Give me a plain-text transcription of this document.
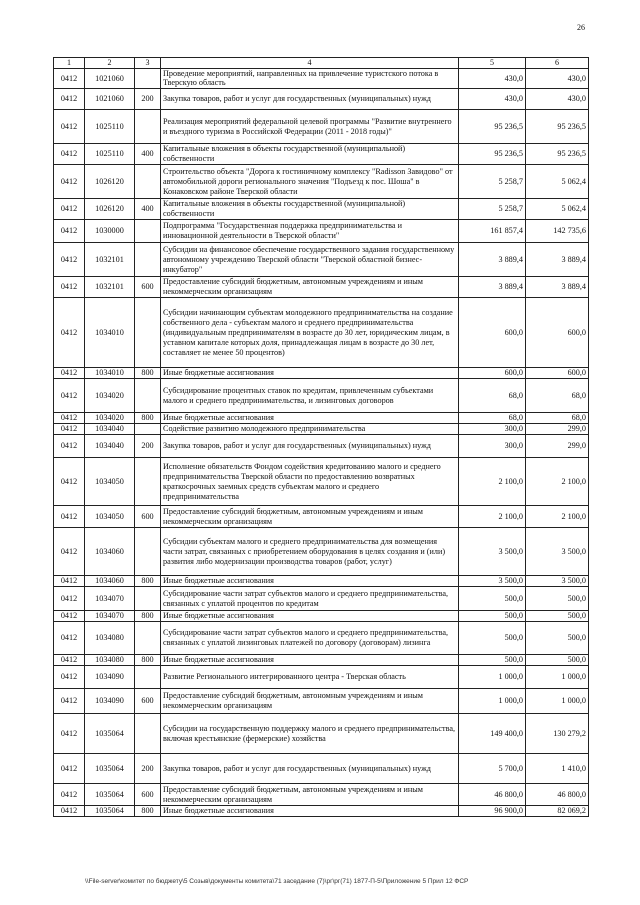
26
1	2	3	4	5	6
0412	1021060		Проведение мероприятий, направленных на привлечение туристского потока в Тверскую область	430,0	430,0
0412	1021060	200	Закупка товаров, работ и услуг для государственных (муниципальных) нужд	430,0	430,0
0412	1025110		Реализация мероприятий федеральной целевой программы "Развитие внутреннего и въездного туризма в Российской Федерации (2011 - 2018 годы)"	95 236,5	95 236,5
0412	1025110	400	Капитальные вложения в объекты государственной (муниципальной) собственности	95 236,5	95 236,5
0412	1026120		Строительство объекта "Дорога к гостиничному комплексу "Radisson Завидово" от автомобильной дороги регионального значения "Подъезд к пос. Шоша" в Конаковском районе Тверской области	5 258,7	5 062,4
0412	1026120	400	Капитальные вложения в объекты государственной (муниципальной) собственности	5 258,7	5 062,4
0412	1030000		Подпрограмма "Государственная поддержка предпринимательства и инновационной деятельности в Тверской области"	161 857,4	142 735,6
0412	1032101		Субсидии на финансовое обеспечение государственного задания государственному автономному учреждению Тверской области "Тверской областной бизнес-инкубатор"	3 889,4	3 889,4
0412	1032101	600	Предоставление субсидий бюджетным, автономным учреждениям и иным некоммерческим организациям	3 889,4	3 889,4
0412	1034010		Субсидии начинающим субъектам молодежного предпринимательства на создание собственного дела - субъектам малого и среднего предпринимательства (индивидуальным предпринимателям в возрасте до 30 лет, юридическим лицам, в уставном капитале которых доля, принадлежащая лицам в возрасте до 30 лет, составляет не менее 50 процентов)	600,0	600,0
0412	1034010	800	Иные бюджетные ассигнования	600,0	600,0
0412	1034020		Субсидирование процентных ставок по кредитам, привлеченным субъектами малого и среднего предпринимательства, и лизинговых договоров	68,0	68,0
0412	1034020	800	Иные бюджетные ассигнования	68,0	68,0
0412	1034040		Содействие развитию молодежного предпринимательства	300,0	299,0
0412	1034040	200	Закупка товаров, работ и услуг для государственных (муниципальных) нужд	300,0	299,0
0412	1034050		Исполнение обязательств Фондом содействия кредитованию малого и среднего предпринимательства Тверской области по предоставлению возвратных краткосрочных заемных средств субъектам малого и среднего предпринимательства	2 100,0	2 100,0
0412	1034050	600	Предоставление субсидий бюджетным, автономным учреждениям и иным некоммерческим организациям	2 100,0	2 100,0
0412	1034060		Субсидии субъектам малого и среднего предпринимательства для возмещения части затрат, связанных с приобретением оборудования в целях создания и (или) развития либо модернизации производства товаров (работ, услуг)	3 500,0	3 500,0
0412	1034060	800	Иные бюджетные ассигнования	3 500,0	3 500,0
0412	1034070		Субсидирование части затрат субъектов малого и среднего предпринимательства, связанных с уплатой процентов по кредитам	500,0	500,0
0412	1034070	800	Иные бюджетные ассигнования	500,0	500,0
0412	1034080		Субсидирование части затрат субъектов малого и среднего предпринимательства, связанных с уплатой лизинговых платежей по договору (договорам) лизинга	500,0	500,0
0412	1034080	800	Иные бюджетные ассигнования	500,0	500,0
0412	1034090		Развитие Регионального интегрированного центра - Тверская область	1 000,0	1 000,0
0412	1034090	600	Предоставление субсидий бюджетным, автономным учреждениям и иным некоммерческим организациям	1 000,0	1 000,0
0412	1035064		Субсидии на государственную поддержку малого и среднего предпринимательства, включая крестьянские (фермерские) хозяйства	149 400,0	130 279,2
0412	1035064	200	Закупка товаров, работ и услуг для государственных (муниципальных) нужд	5 700,0	1 410,0
0412	1035064	600	Предоставление субсидий бюджетным, автономным учреждениям и иным некоммерческим организациям	46 800,0	46 800,0
0412	1035064	800	Иные бюджетные ассигнования	96 900,0	82 069,2
\\File-server\комитет по бюджету\5 Созыв\документы комитета\71 заседание (7)\рг\рг(71) 1877-П-5\Приложение 5 Прил 12 ФСР
